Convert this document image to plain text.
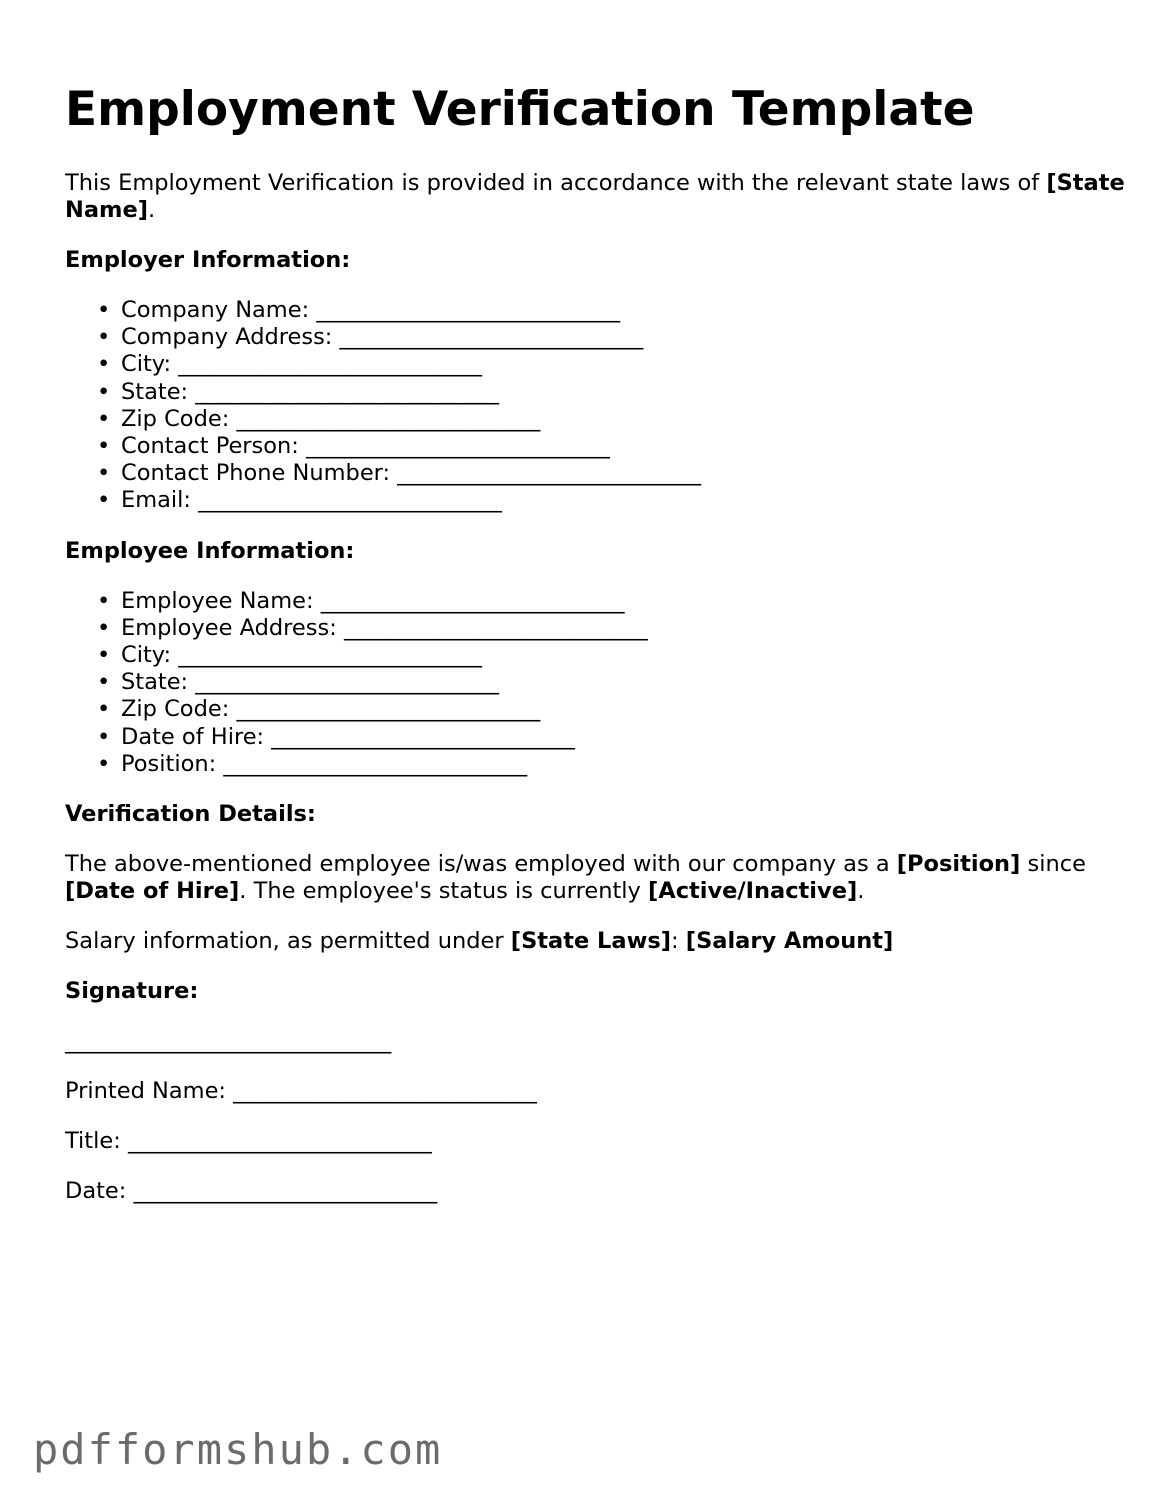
Employment Verification Template

This Employment Verification is provided in accordance with the relevant state laws of [State Name].

Employer Information:

• Company Name: ___________________________
• Company Address: ___________________________
• City: ___________________________
• State: ___________________________
• Zip Code: ___________________________
• Contact Person: ___________________________
• Contact Phone Number: ___________________________
• Email: ___________________________

Employee Information:

• Employee Name: ___________________________
• Employee Address: ___________________________
• City: ___________________________
• State: ___________________________
• Zip Code: ___________________________
• Date of Hire: ___________________________
• Position: ___________________________

Verification Details:

The above-mentioned employee is/was employed with our company as a [Position] since [Date of Hire]. The employee's status is currently [Active/Inactive].

Salary information, as permitted under [State Laws]: [Salary Amount]

Signature:

_____________________________

Printed Name: ___________________________

Title: ___________________________

Date: ___________________________

pdfformshub.com
